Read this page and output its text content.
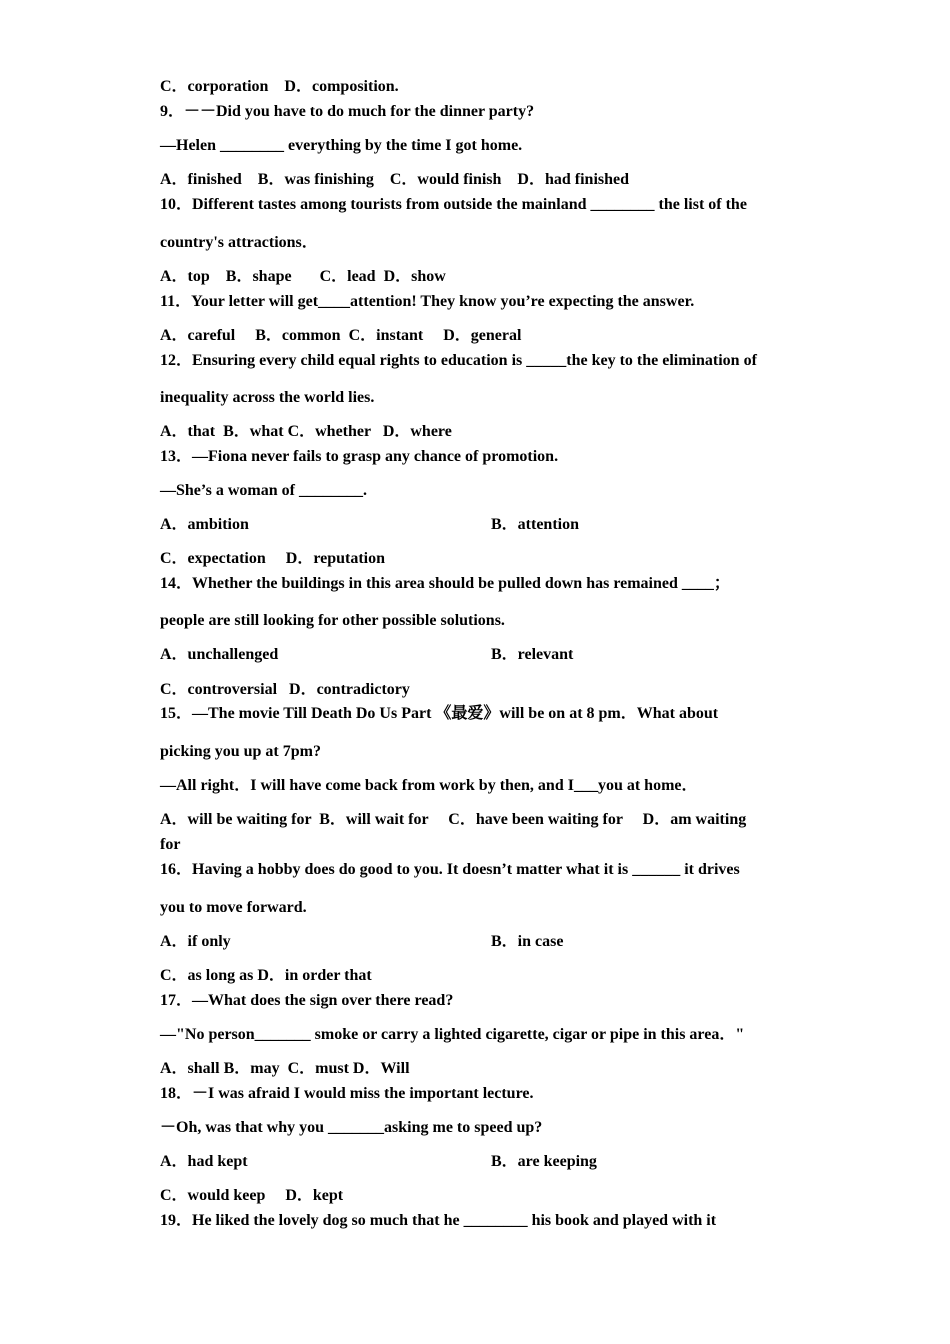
C．corporation    D．composition.
9．－－Did you have to do much for the dinner party?
—Helen ________ everything by the time I got home.
A．finished    B．was finishing    C．would finish    D．had finished
10．Different tastes among tourists from outside the mainland ________ the list of the
country's attractions．
A．top    B．shape       C．lead  D．show
11．Your letter will get____attention! They know you’re expecting the answer.
A．careful     B．common  C．instant     D．general
12．Ensuring every child equal rights to education is _____the key to the elimination of
inequality across the world lies.
A．that  B．what C．whether   D．where
13．—Fiona never fails to grasp any chance of promotion.
—She’s a woman of ________.
A．ambition	B．attention
C．expectation     D．reputation
14．Whether the buildings in this area should be pulled down has remained ____；
people are still looking for other possible solutions.
A．unchallenged	B．relevant
C．controversial   D．contradictory
15．—The movie Till Death Do Us Part 《最爱》will be on at 8 pm．What about
picking you up at 7pm?
—All right．I will have come back from work by then, and I___you at home．
A．will be waiting for  B．will wait for     C．have been waiting for     D．am waiting
for
16．Having a hobby does do good to you. It doesn’t matter what it is ______ it drives
you to move forward.
A．if only	B．in case
C．as long as D．in order that
17．—What does the sign over there read?
—"No person_______ smoke or carry a lighted cigarette, cigar or pipe in this area．"
A．shall B．may  C．must D．Will
18．－I was afraid I would miss the important lecture.
－Oh, was that why you _______asking me to speed up?
A．had kept	B．are keeping
C．would keep     D．kept
19．He liked the lovely dog so much that he ________ his book and played with it
